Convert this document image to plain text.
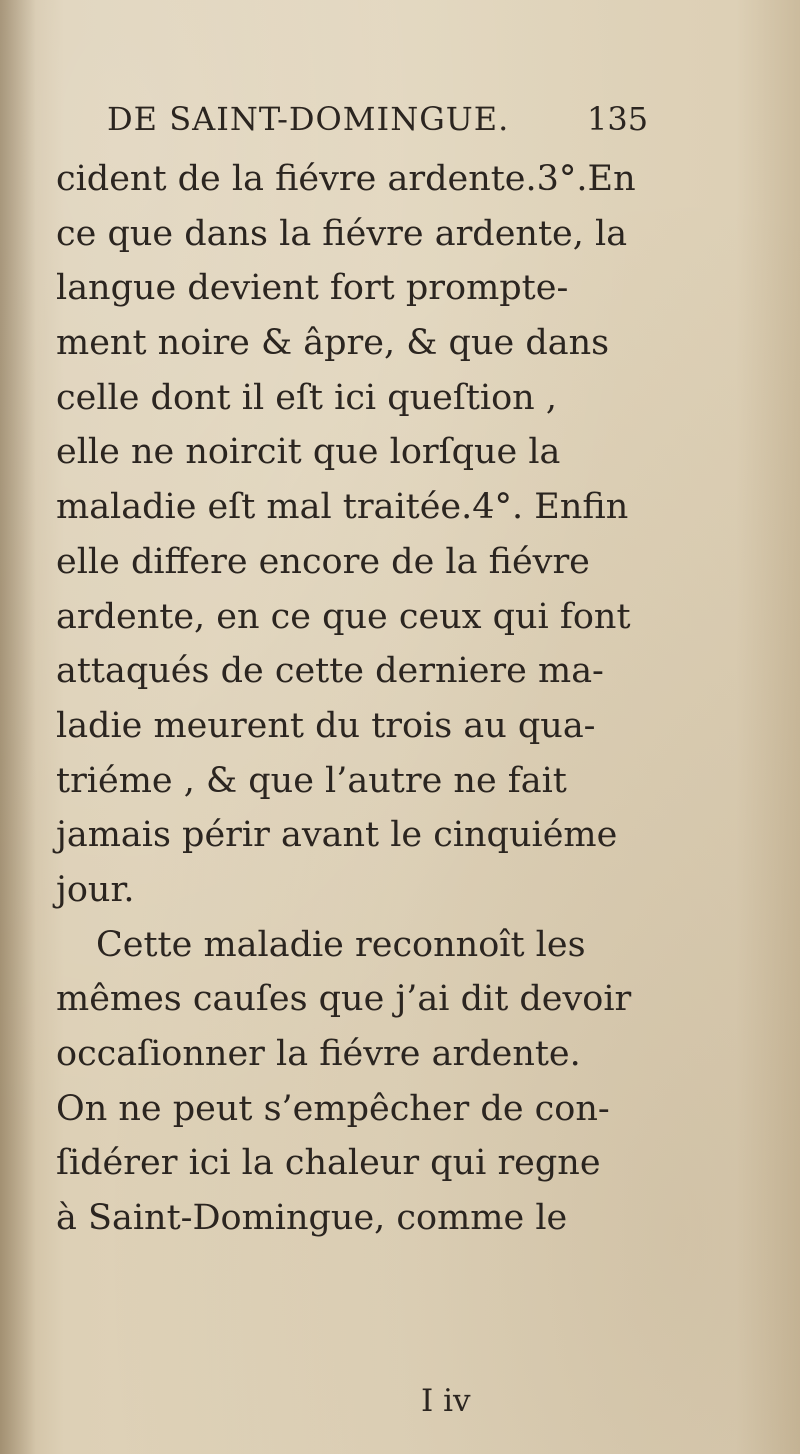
DE SAINT-DOMINGUE. 135
cident de la fiévre ardente.3°.En
ce que dans la fiévre ardente, la
langue devient fort prompte-
ment noire & âpre, & que dans
celle dont il eſt ici queſtion ,
elle ne noircit que lorſque la
maladie eſt mal traitée.4°. Enfin
elle differe encore de la fiévre
ardente, en ce que ceux qui font
attaqués de cette derniere ma-
ladie meurent du trois au qua-
triéme , & que l’autre ne fait
jamais périr avant le cinquiéme
jour.
Cette maladie reconnoît les
mêmes cauſes que j’ai dit devoir
occaſionner la fiévre ardente.
On ne peut s’empêcher de con-
ſidérer ici la chaleur qui regne
à Saint-Domingue, comme le
I iv
